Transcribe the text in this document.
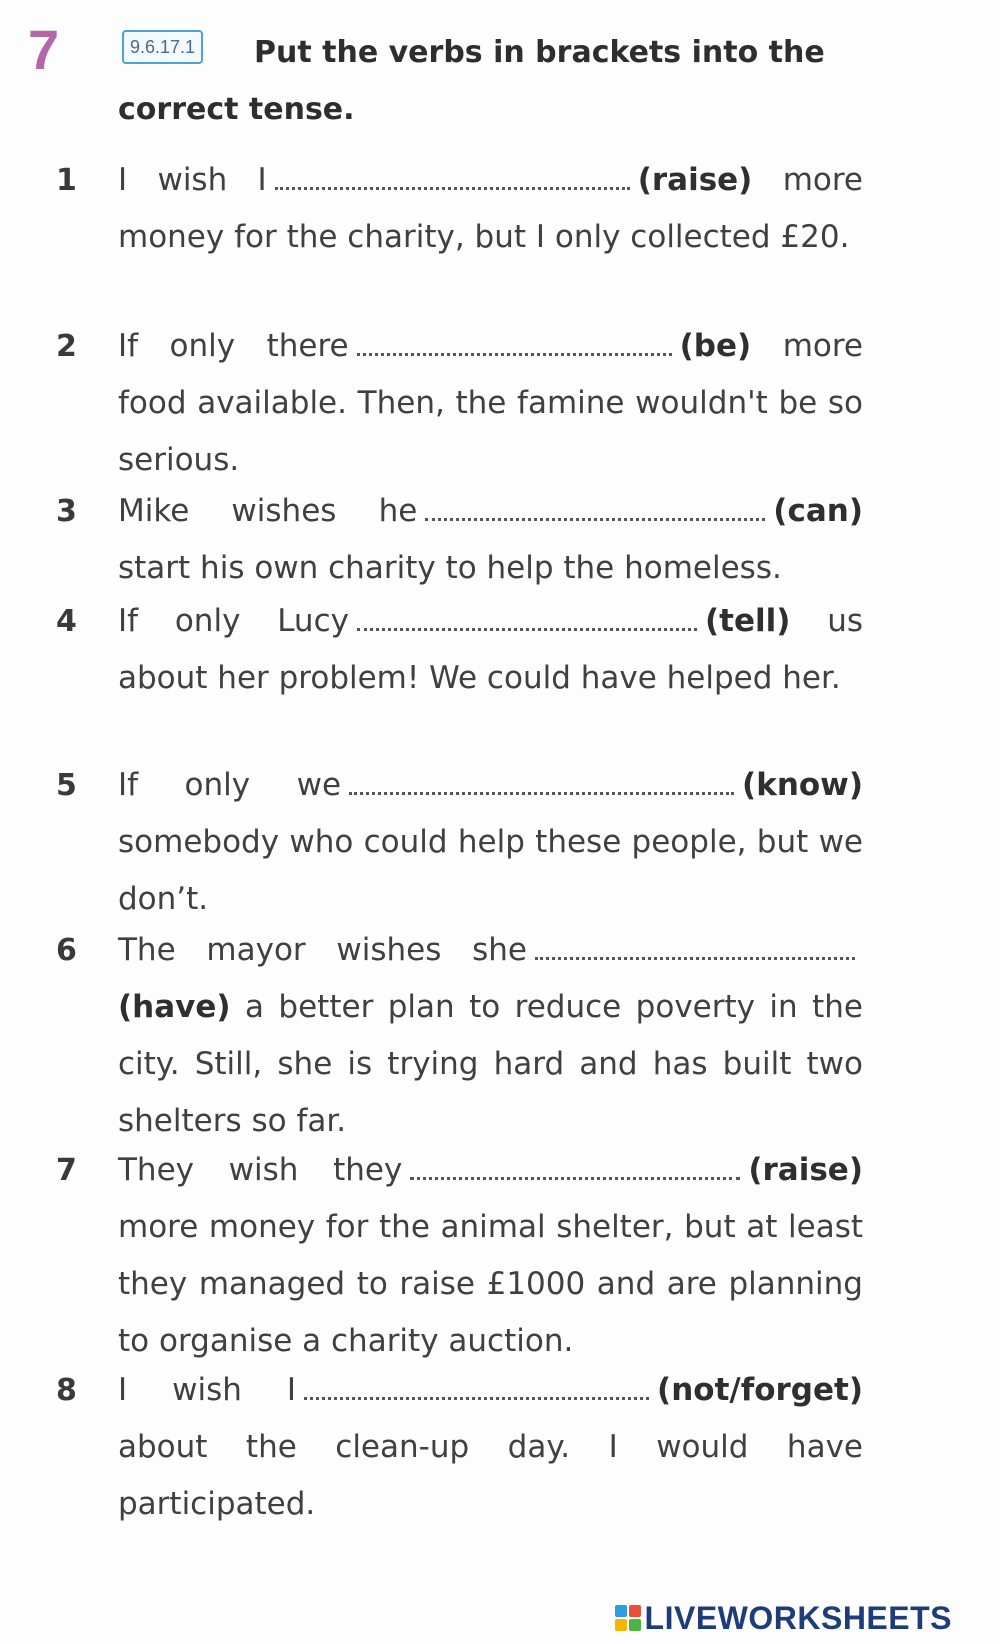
7	Put the verbs in brackets into the correct tense.
9.6.17.1
1 I wish I	(raise) more money for the charity, but I only collected £20.
2 If only there	(be) more food available. Then, the famine wouldn't be so serious.
3 Mike wishes he	(can) start his own charity to help the homeless.
4 If only Lucy	(tell) us about her problem! We could have helped her.
5 If only we	(know) somebody who could help these people, but we don’t.
6 The mayor wishes she(have) a better plan to reduce poverty in the city. Still, she is trying hard and has built two shelters so far.
7 They wish they	(raise) more money for the animal shelter, but at least they managed to raise £1000 and are planning to organise a charity auction.
8 I wish I	(not/forget) about the clean-up day. I would have participated.
LIVEWORKSHEETS
